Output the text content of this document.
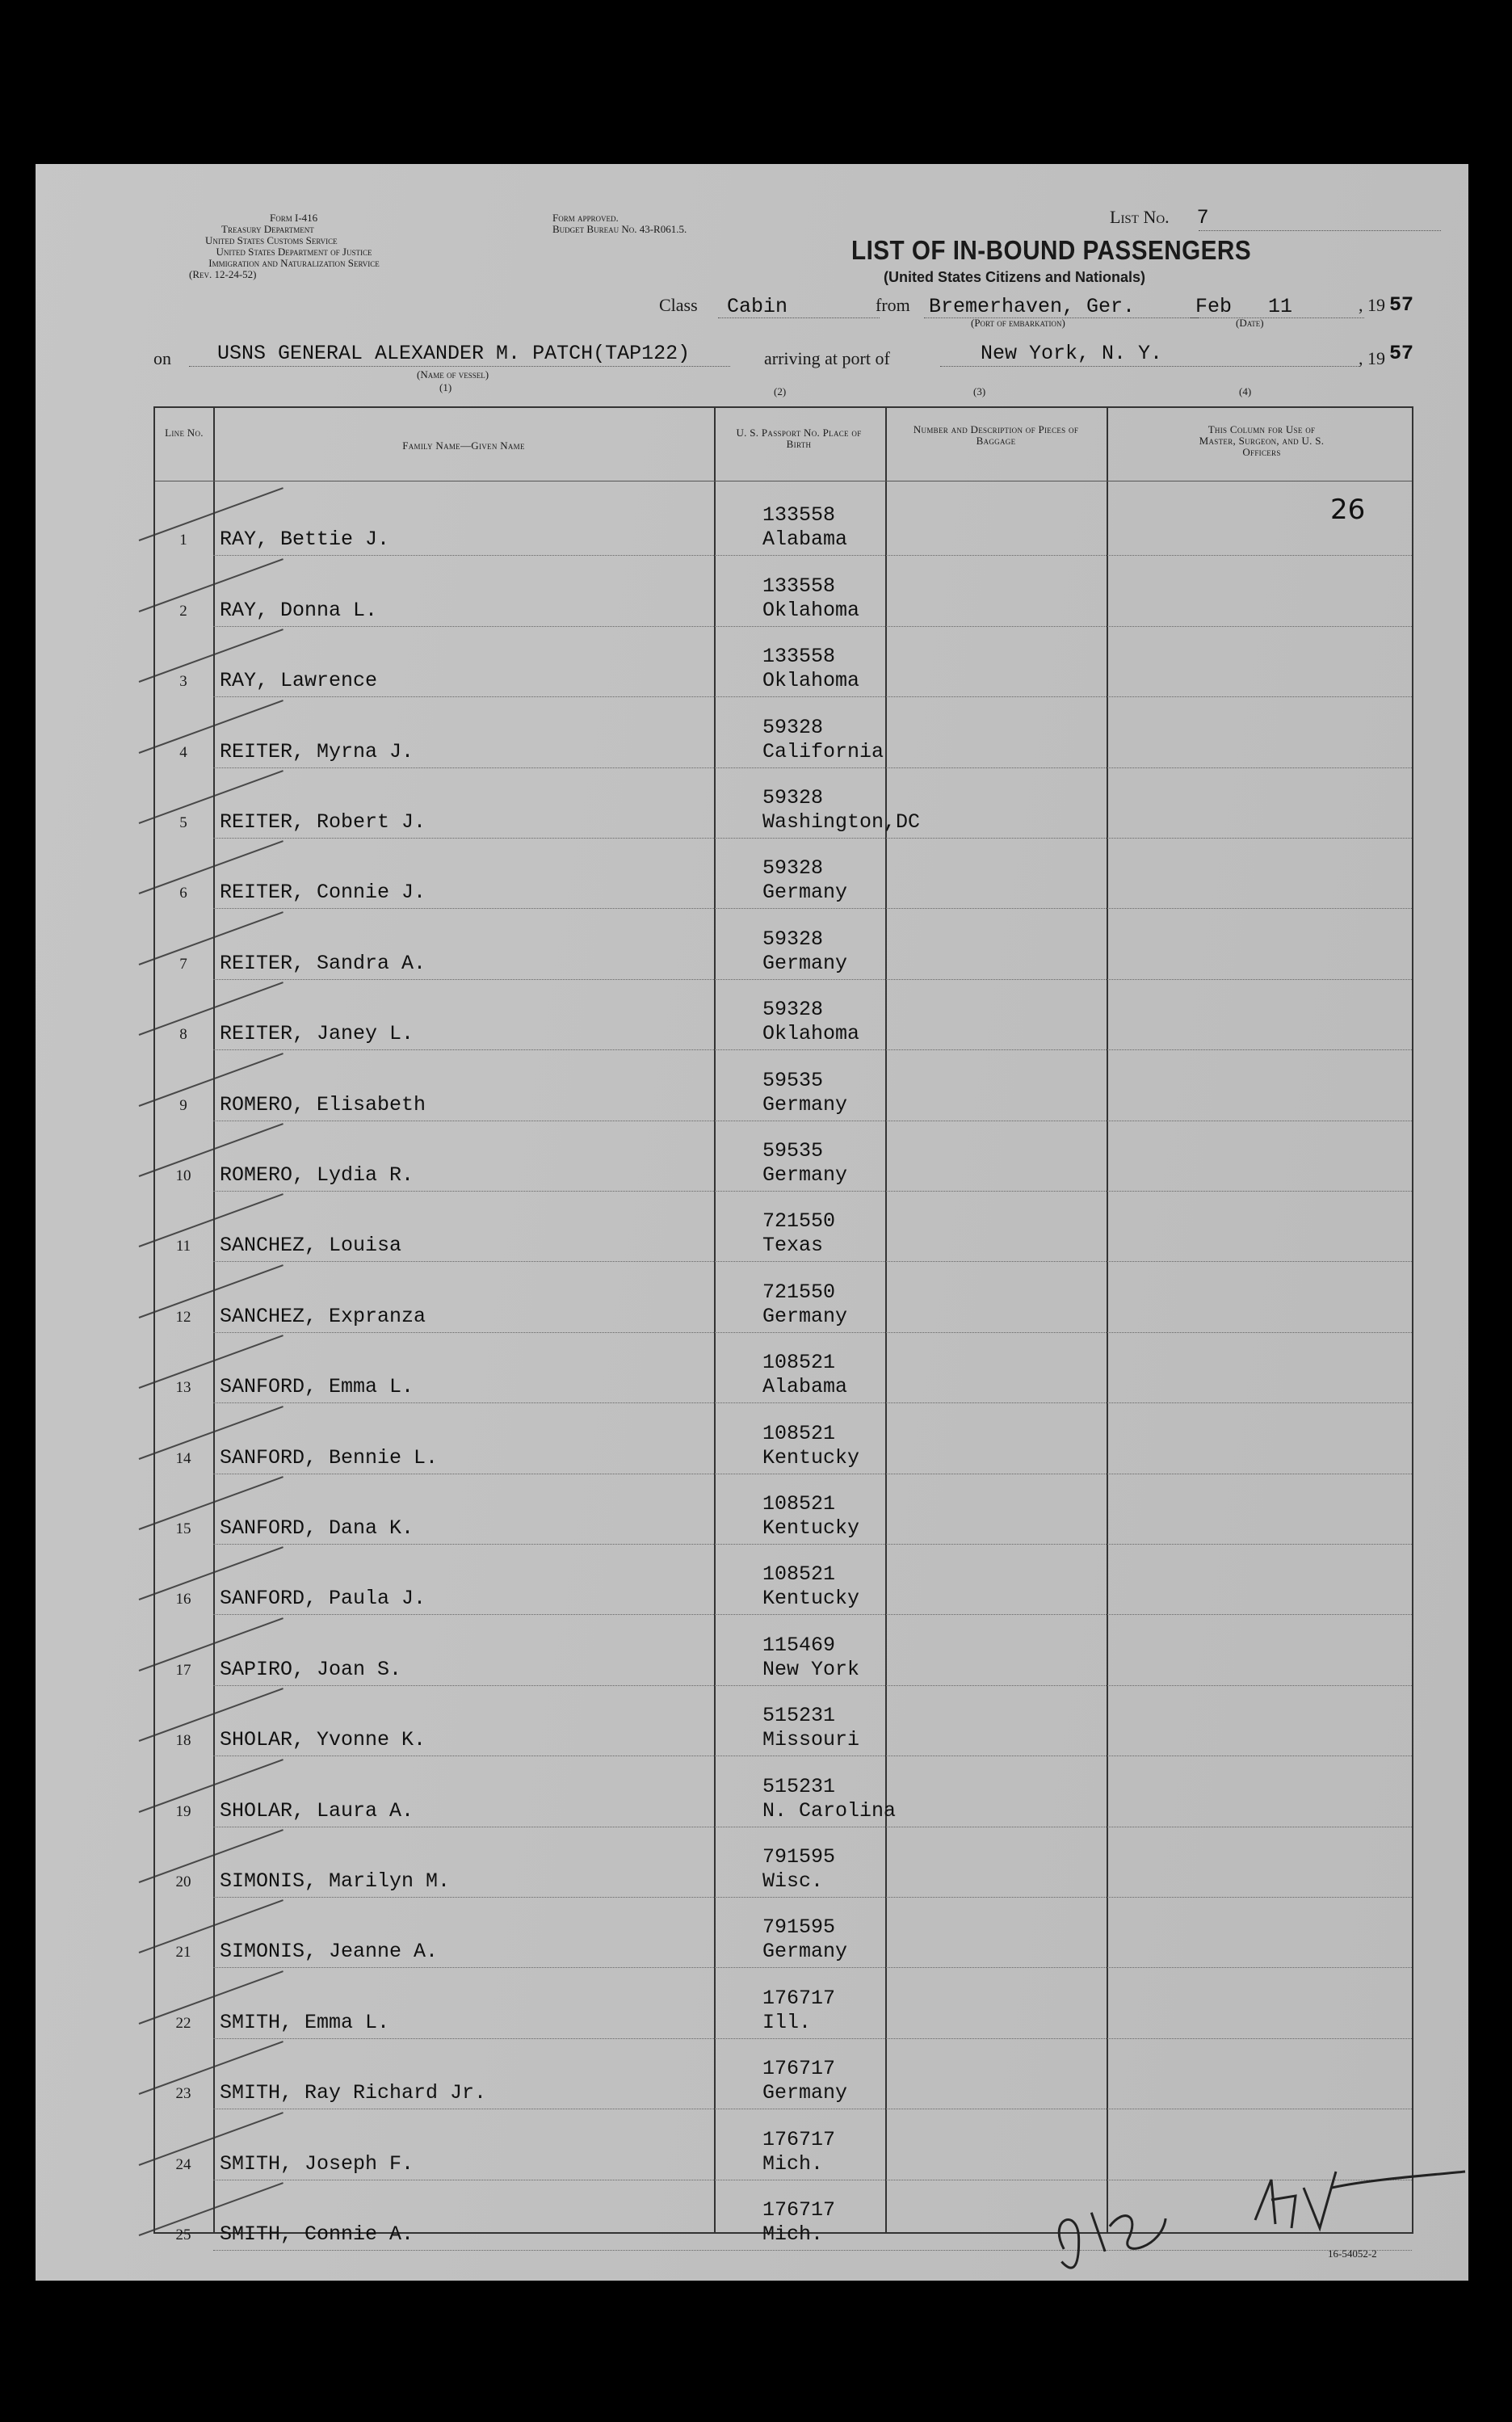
Form I-416
Treasury Department
United States Customs Service
United States Department of Justice
Immigration and Naturalization Service
(Rev. 12-24-52)
Form approved.
Budget Bureau No. 43-R061.5.
List No. 7
LIST OF IN-BOUND PASSENGERS
(United States Citizens and Nationals)
Class Cabin	from Bremerhaven, Ger.
(Port of embarkation)
Feb   11
(Date)
, 19 57
on USNS GENERAL ALEXANDER M. PATCH(TAP122)
(Name of vessel)
(1)
arriving at port of	New York, N. Y.	, 19 57
(2)	(3)	(4)
Line No.
Family Name—Given Name
U. S. Passport No. Place of Birth
Number and Description of Pieces of Baggage
This Column for Use of Master, Surgeon, and U. S. Officers
26
1	RAY, Bettie J.
133558
Alabama
2	RAY, Donna L.
133558
Oklahoma
3	RAY, Lawrence
133558
Oklahoma
4	REITER, Myrna J.
59328
California
5	REITER, Robert J.
59328
Washington,DC
6	REITER, Connie J.
59328
Germany
7	REITER, Sandra A.
59328
Germany
8	REITER, Janey L.
59328
Oklahoma
9	ROMERO, Elisabeth
59535
Germany
10 ROMERO, Lydia R.
59535
Germany
11 SANCHEZ, Louisa
721550
Texas
12 SANCHEZ, Expranza
721550
Germany
13 SANFORD, Emma L.
108521
Alabama
14 SANFORD, Bennie L.
108521
Kentucky
15 SANFORD, Dana K.
108521
Kentucky
16 SANFORD, Paula J.
108521
Kentucky
17 SAPIRO, Joan S.
115469
New York
18 SHOLAR, Yvonne K.
515231
Missouri
19 SHOLAR, Laura A.
515231
N. Carolina
20 SIMONIS, Marilyn M.
791595
Wisc.
21 SIMONIS, Jeanne A.
791595
Germany
22 SMITH, Emma L.
176717
Ill.
23 SMITH, Ray Richard Jr.
176717
Germany
24 SMITH, Joseph F.
176717
Mich.
25 SMITH, Connie A.
176717
Mich.
16-54052-2
